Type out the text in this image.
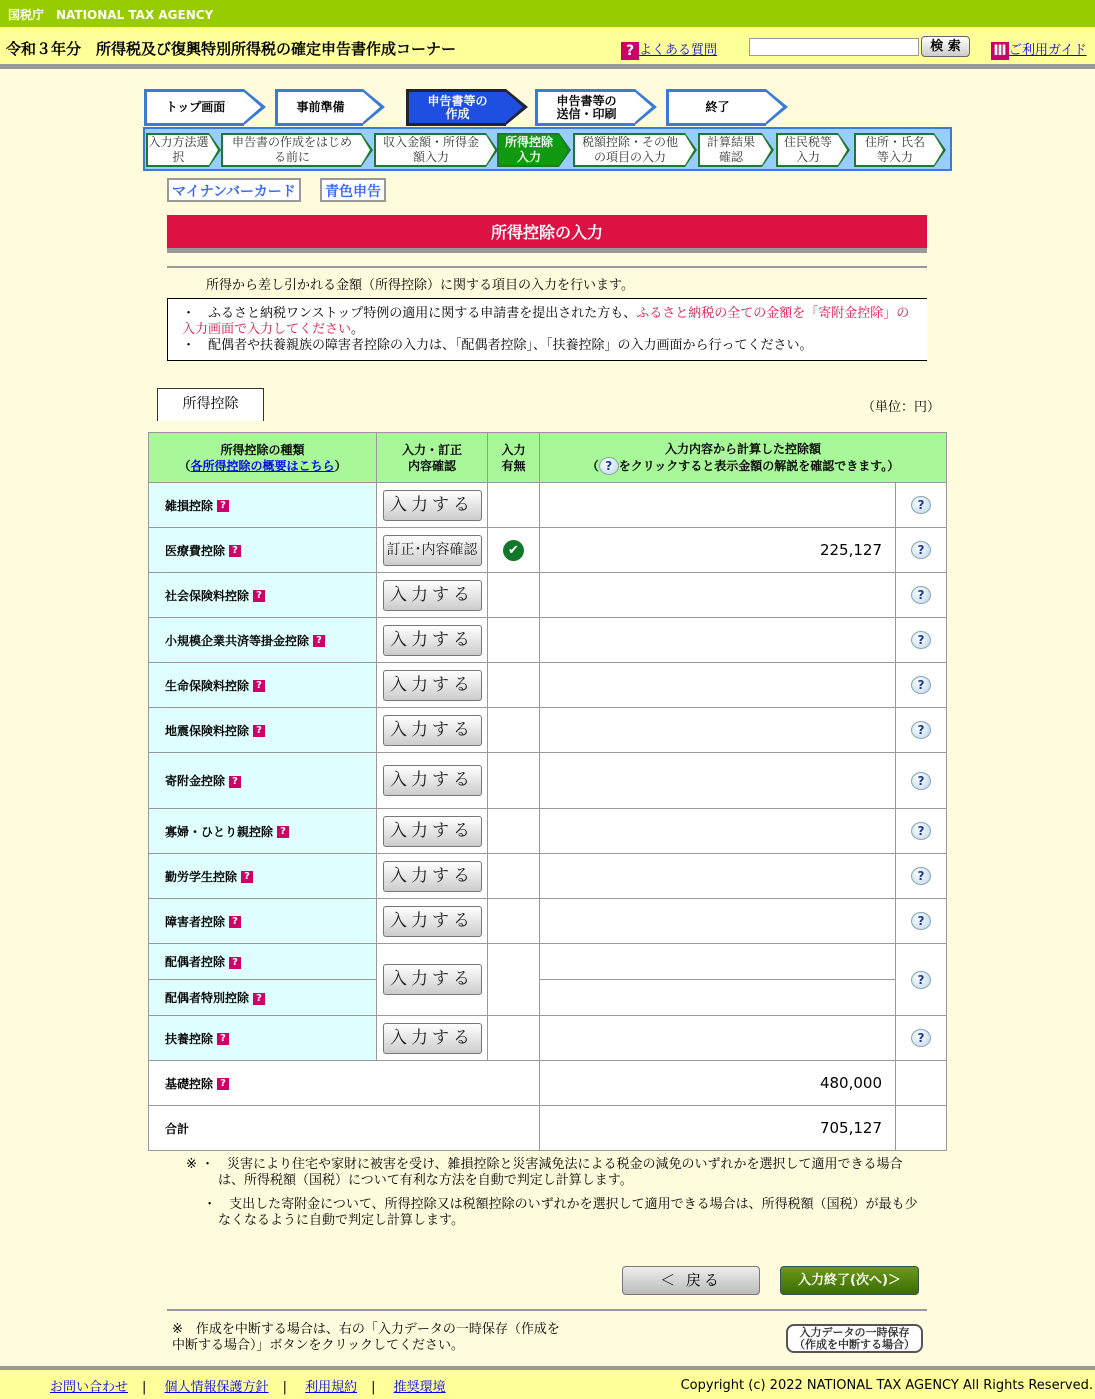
国税庁　NATIONAL TAX AGENCY
令和３年分　所得税及び復興特別所得税の確定申告書作成コーナー	? よくある質問	検 索	Ⅲ ご利用ガイド
トップ画面	事前準備	申告書等の作成
申告書等の送信・印刷	終了
入力方法選択
申告書の作成をはじめる前に
収入金額・所得金額入力
所得控除入力
税額控除・その他の項目の入力
計算結果確認
住民税等入力
住所・氏名等入力
マイナンバーカード	青色申告
所得控除の入力
所得から差し引かれる金額（所得控除）に関する項目の入力を行います。
・　ふるさと納税ワンストップ特例の適用に関する申請書を提出された方も、ふるさと納税の全ての金額を「寄附金控除」の入力画面で入力してください。
・　配偶者や扶養親族の障害者控除の入力は、「配偶者控除」、「扶養控除」の入力画面から行ってください。
所得控除	（単位：円）
所得控除の種類
（各所得控除の概要はこちら）	入力・訂正内容確認	入力有無	入力内容から計算した控除額
（ ? をクリックすると表示金額の解説を確認できます。）	
雑損控除 ?	入力する			?
医療費控除 ?	訂正･内容確認	✔	225,127	?
社会保険料控除 ?	入力する			?
小規模企業共済等掛金控除 ?	入力する			?
生命保険料控除 ?	入力する			?
地震保険料控除 ?	入力する			?
寄附金控除 ?	入力する			?
寡婦・ひとり親控除 ?	入力する			?
勤労学生控除 ?	入力する			?
障害者控除 ?	入力する			?
配偶者控除 ?	入力する			?
配偶者特別控除 ?				
扶養控除 ?	入力する			?
基礎控除 ?			480,000	
合計			705,127	
※ ・　災害により住宅や家財に被害を受け、雑損控除と災害減免法による税金の減免のいずれかを選択して適用できる場合は、所得税額（国税）について有利な方法を自動で判定し計算します。
　 ・　支出した寄附金について、所得控除又は税額控除のいずれかを選択して適用できる場合は、所得税額（国税）が最も少なくなるように自動で判定し計算します。
＜ 戻る	入力終了(次へ)＞
※　作成を中断する場合は、右の「入力データの一時保存（作成を
中断する場合）」ボタンをクリックしてください。
入力データの一時保存
（作成を中断する場合）
お問い合わせ | 個人情報保護方針 | 利用規約 | 推奨環境	Copyright (c) 2022 NATIONAL TAX AGENCY All Rights Reserved.
